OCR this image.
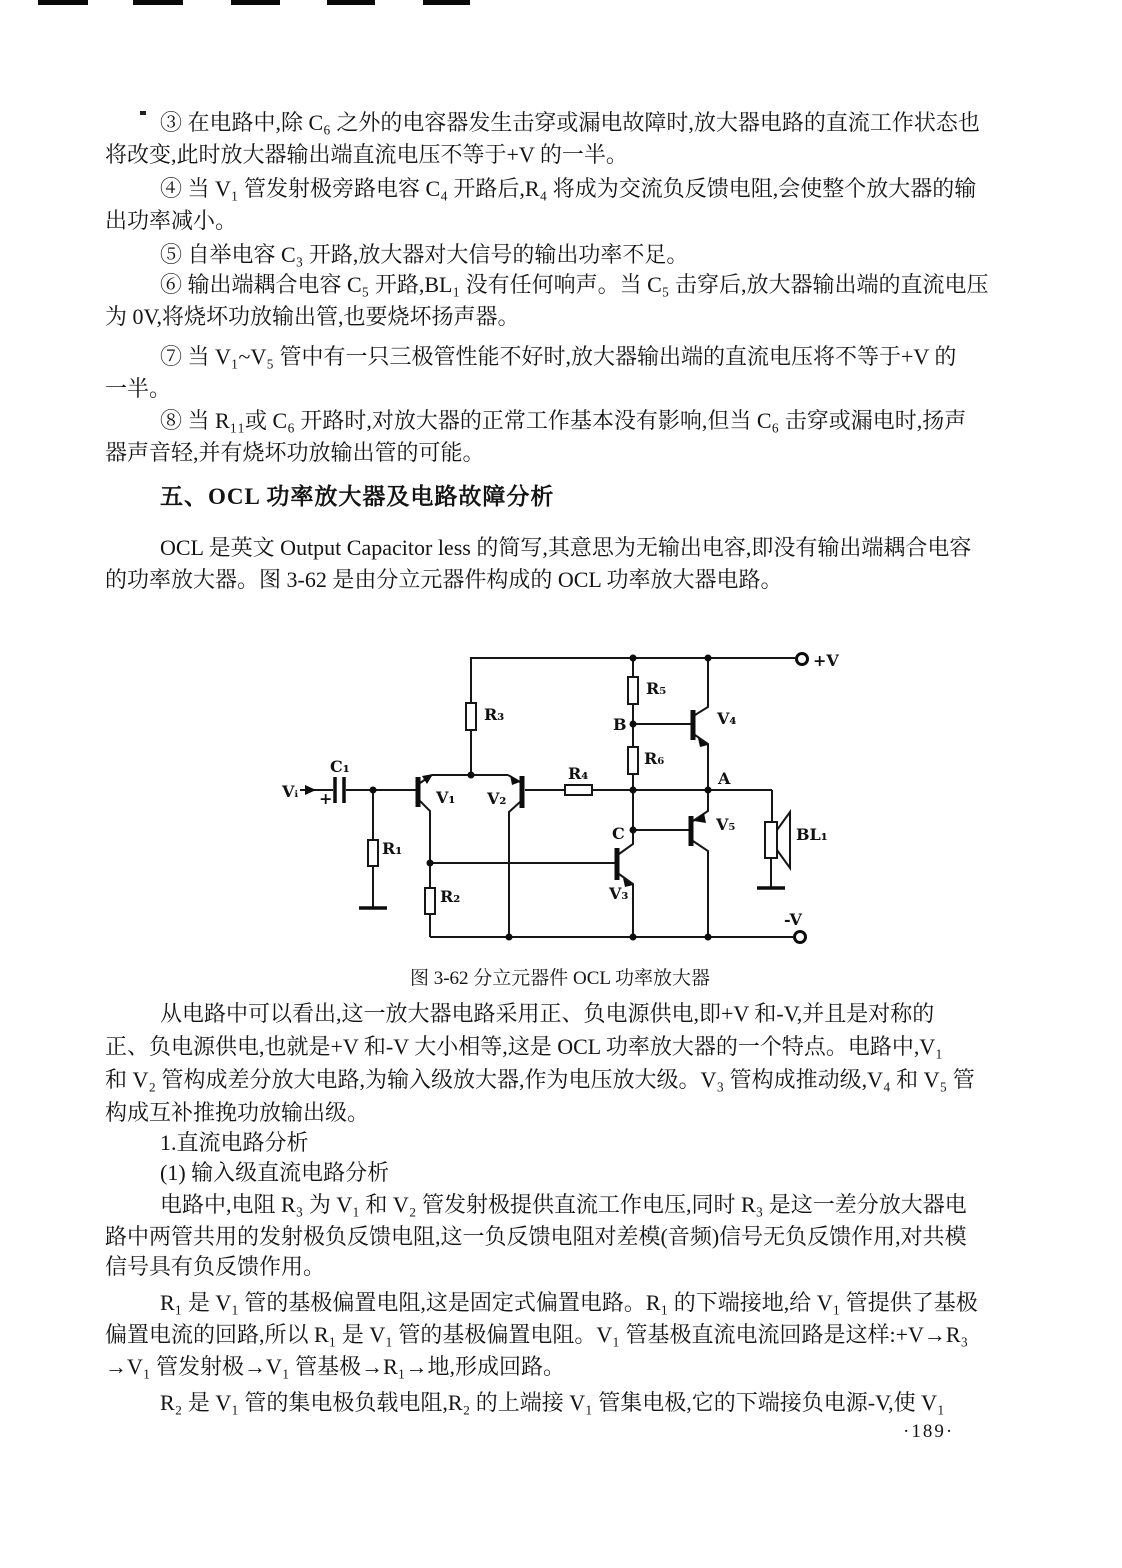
③ 在电路中,除 C₆ 之外的电容器发生击穿或漏电故障时,放大器电路的直流工作状态也
将改变,此时放大器输出端直流电压不等于+V 的一半。
④ 当 V₁ 管发射极旁路电容 C₄ 开路后,R₄ 将成为交流负反馈电阻,会使整个放大器的输
出功率减小。
⑤ 自举电容 C₃ 开路,放大器对大信号的输出功率不足。
⑥ 输出端耦合电容 C₅ 开路,BL₁ 没有任何响声。当 C₅ 击穿后,放大器输出端的直流电压
为 0V,将烧坏功放输出管,也要烧坏扬声器。
⑦ 当 V₁~V₅ 管中有一只三极管性能不好时,放大器输出端的直流电压将不等于+V 的
一半。
⑧ 当 R₁₁或 C₆ 开路时,对放大器的正常工作基本没有影响,但当 C₆ 击穿或漏电时,扬声
器声音轻,并有烧坏功放输出管的可能。
五、OCL 功率放大器及电路故障分析
OCL 是英文 Output Capacitor less 的简写,其意思为无输出电容,即没有输出端耦合电容
的功率放大器。图 3-62 是由分立元器件构成的 OCL 功率放大器电路。
Vᵢ +
C₁
R₁
R₂
R₃
R₄
R₅
R₆
V₁ V₂
V₃
V₄
V₅
A
B
C	BL₁
+V
-V
图 3-62 分立元器件 OCL 功率放大器
从电路中可以看出,这一放大器电路采用正、负电源供电,即+V 和-V,并且是对称的
正、负电源供电,也就是+V 和-V 大小相等,这是 OCL 功率放大器的一个特点。电路中,V₁
和 V₂ 管构成差分放大电路,为输入级放大器,作为电压放大级。V₃ 管构成推动级,V₄ 和 V₅ 管
构成互补推挽功放输出级。
1.直流电路分析
(1) 输入级直流电路分析
电路中,电阻 R₃ 为 V₁ 和 V₂ 管发射极提供直流工作电压,同时 R₃ 是这一差分放大器电
路中两管共用的发射极负反馈电阻,这一负反馈电阻对差模(音频)信号无负反馈作用,对共模
信号具有负反馈作用。
R₁ 是 V₁ 管的基极偏置电阻,这是固定式偏置电路。R₁ 的下端接地,给 V₁ 管提供了基极
偏置电流的回路,所以 R₁ 是 V₁ 管的基极偏置电阻。V₁ 管基极直流电流回路是这样:+V→R₃
→V₁ 管发射极→V₁ 管基极→R₁→地,形成回路。
R₂ 是 V₁ 管的集电极负载电阻,R₂ 的上端接 V₁ 管集电极,它的下端接负电源-V,使 V₁
·189·
